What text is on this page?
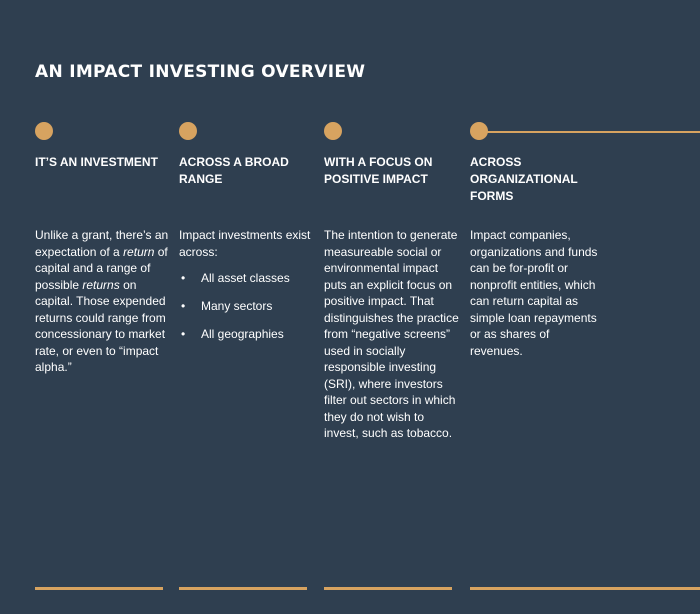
AN IMPACT INVESTING OVERVIEW
IT’S AN INVESTMENT
Unlike a grant, there’s an expectation of a return of capital and a range of possible returns on capital. Those expended returns could range from concessionary to market rate, or even to “impact alpha.”
ACROSS A BROAD RANGE
Impact investments exist across:
• All asset classes
• Many sectors
• All geographies
WITH A FOCUS ON POSITIVE IMPACT
The intention to generate measureable social or environmental impact puts an explicit focus on positive impact. That distinguishes the practice from “negative screens” used in socially responsible investing (SRI), where investors filter out sectors in which they do not wish to invest, such as tobacco.
ACROSS ORGANIZATIONAL FORMS
Impact companies, organizations and funds can be for-profit or nonprofit entities, which can return capital as simple loan repayments or as shares of revenues.
